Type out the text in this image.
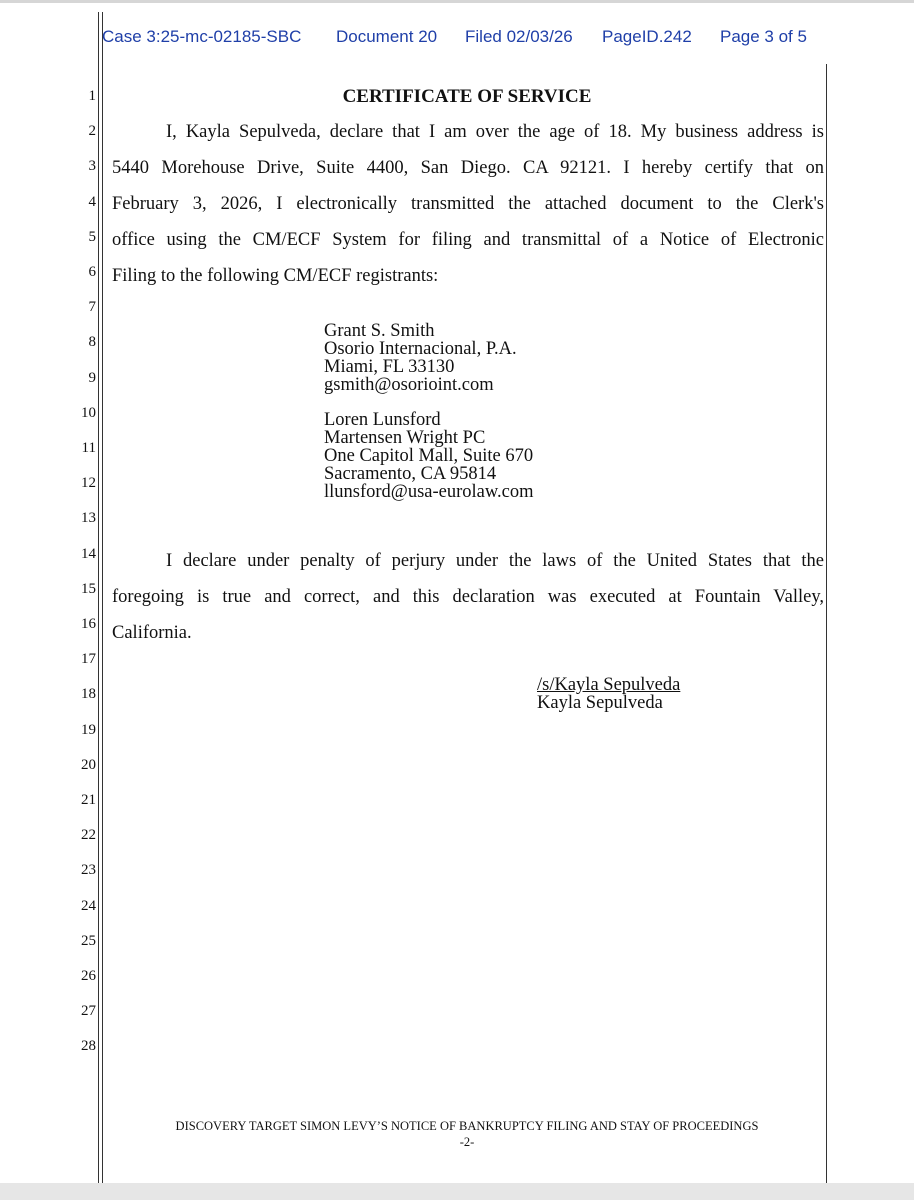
Case 3:25-mc-02185-SBC Document 20 Filed 02/03/26 PageID.242 Page 3 of 5
1
2
3
4
5
6
7
8
9
10
11
12
13
14
15
16
17
18
19
20
21
22
23
24
25
26
27
28
CERTIFICATE OF SERVICE
I, Kayla Sepulveda, declare that I am over the age of 18. My business address is
5440 Morehouse Drive, Suite 4400, San Diego. CA 92121. I hereby certify that on
February 3, 2026, I electronically transmitted the attached document to the Clerk's
office using the CM/ECF System for filing and transmittal of a Notice of Electronic
Filing to the following CM/ECF registrants:
Grant S. Smith
Osorio Internacional, P.A.
Miami, FL 33130
gsmith@osorioint.com
Loren Lunsford
Martensen Wright PC
One Capitol Mall, Suite 670
Sacramento, CA 95814
llunsford@usa-eurolaw.com
I declare under penalty of perjury under the laws of the United States that the
foregoing is true and correct, and this declaration was executed at Fountain Valley,
California.
/s/Kayla Sepulveda
Kayla Sepulveda
DISCOVERY TARGET SIMON LEVY’S NOTICE OF BANKRUPTCY FILING AND STAY OF PROCEEDINGS
-2-
